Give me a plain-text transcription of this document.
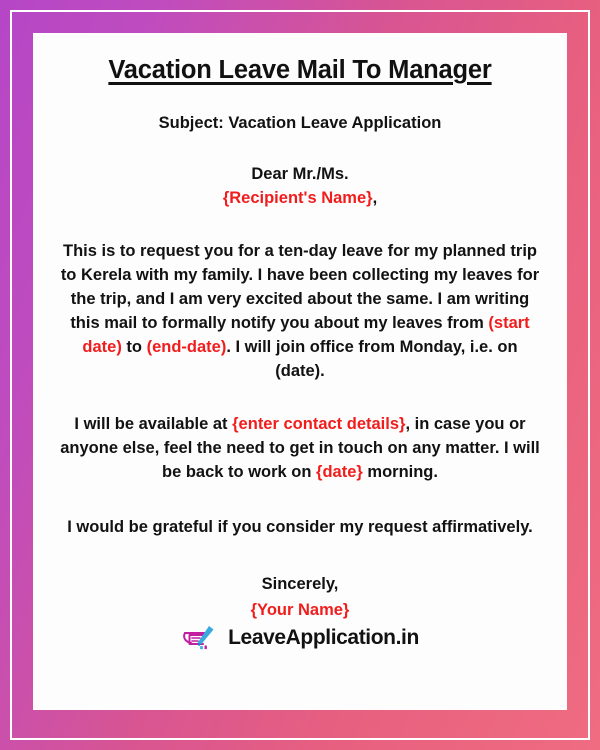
Vacation Leave Mail To Manager

Subject: Vacation Leave Application

Dear Mr./Ms.
{Recipient's Name},

This is to request you for a ten-day leave for my planned trip to Kerela with my family. I have been collecting my leaves for the trip, and I am very excited about the same. I am writing this mail to formally notify you about my leaves from (start date) to (end-date). I will join office from Monday, i.e. on (date).

I will be available at {enter contact details}, in case you or anyone else, feel the need to get in touch on any matter. I will be back to work on {date} morning.

I would be grateful if you consider my request affirmatively.

Sincerely,
{Your Name}

LeaveApplication.in
